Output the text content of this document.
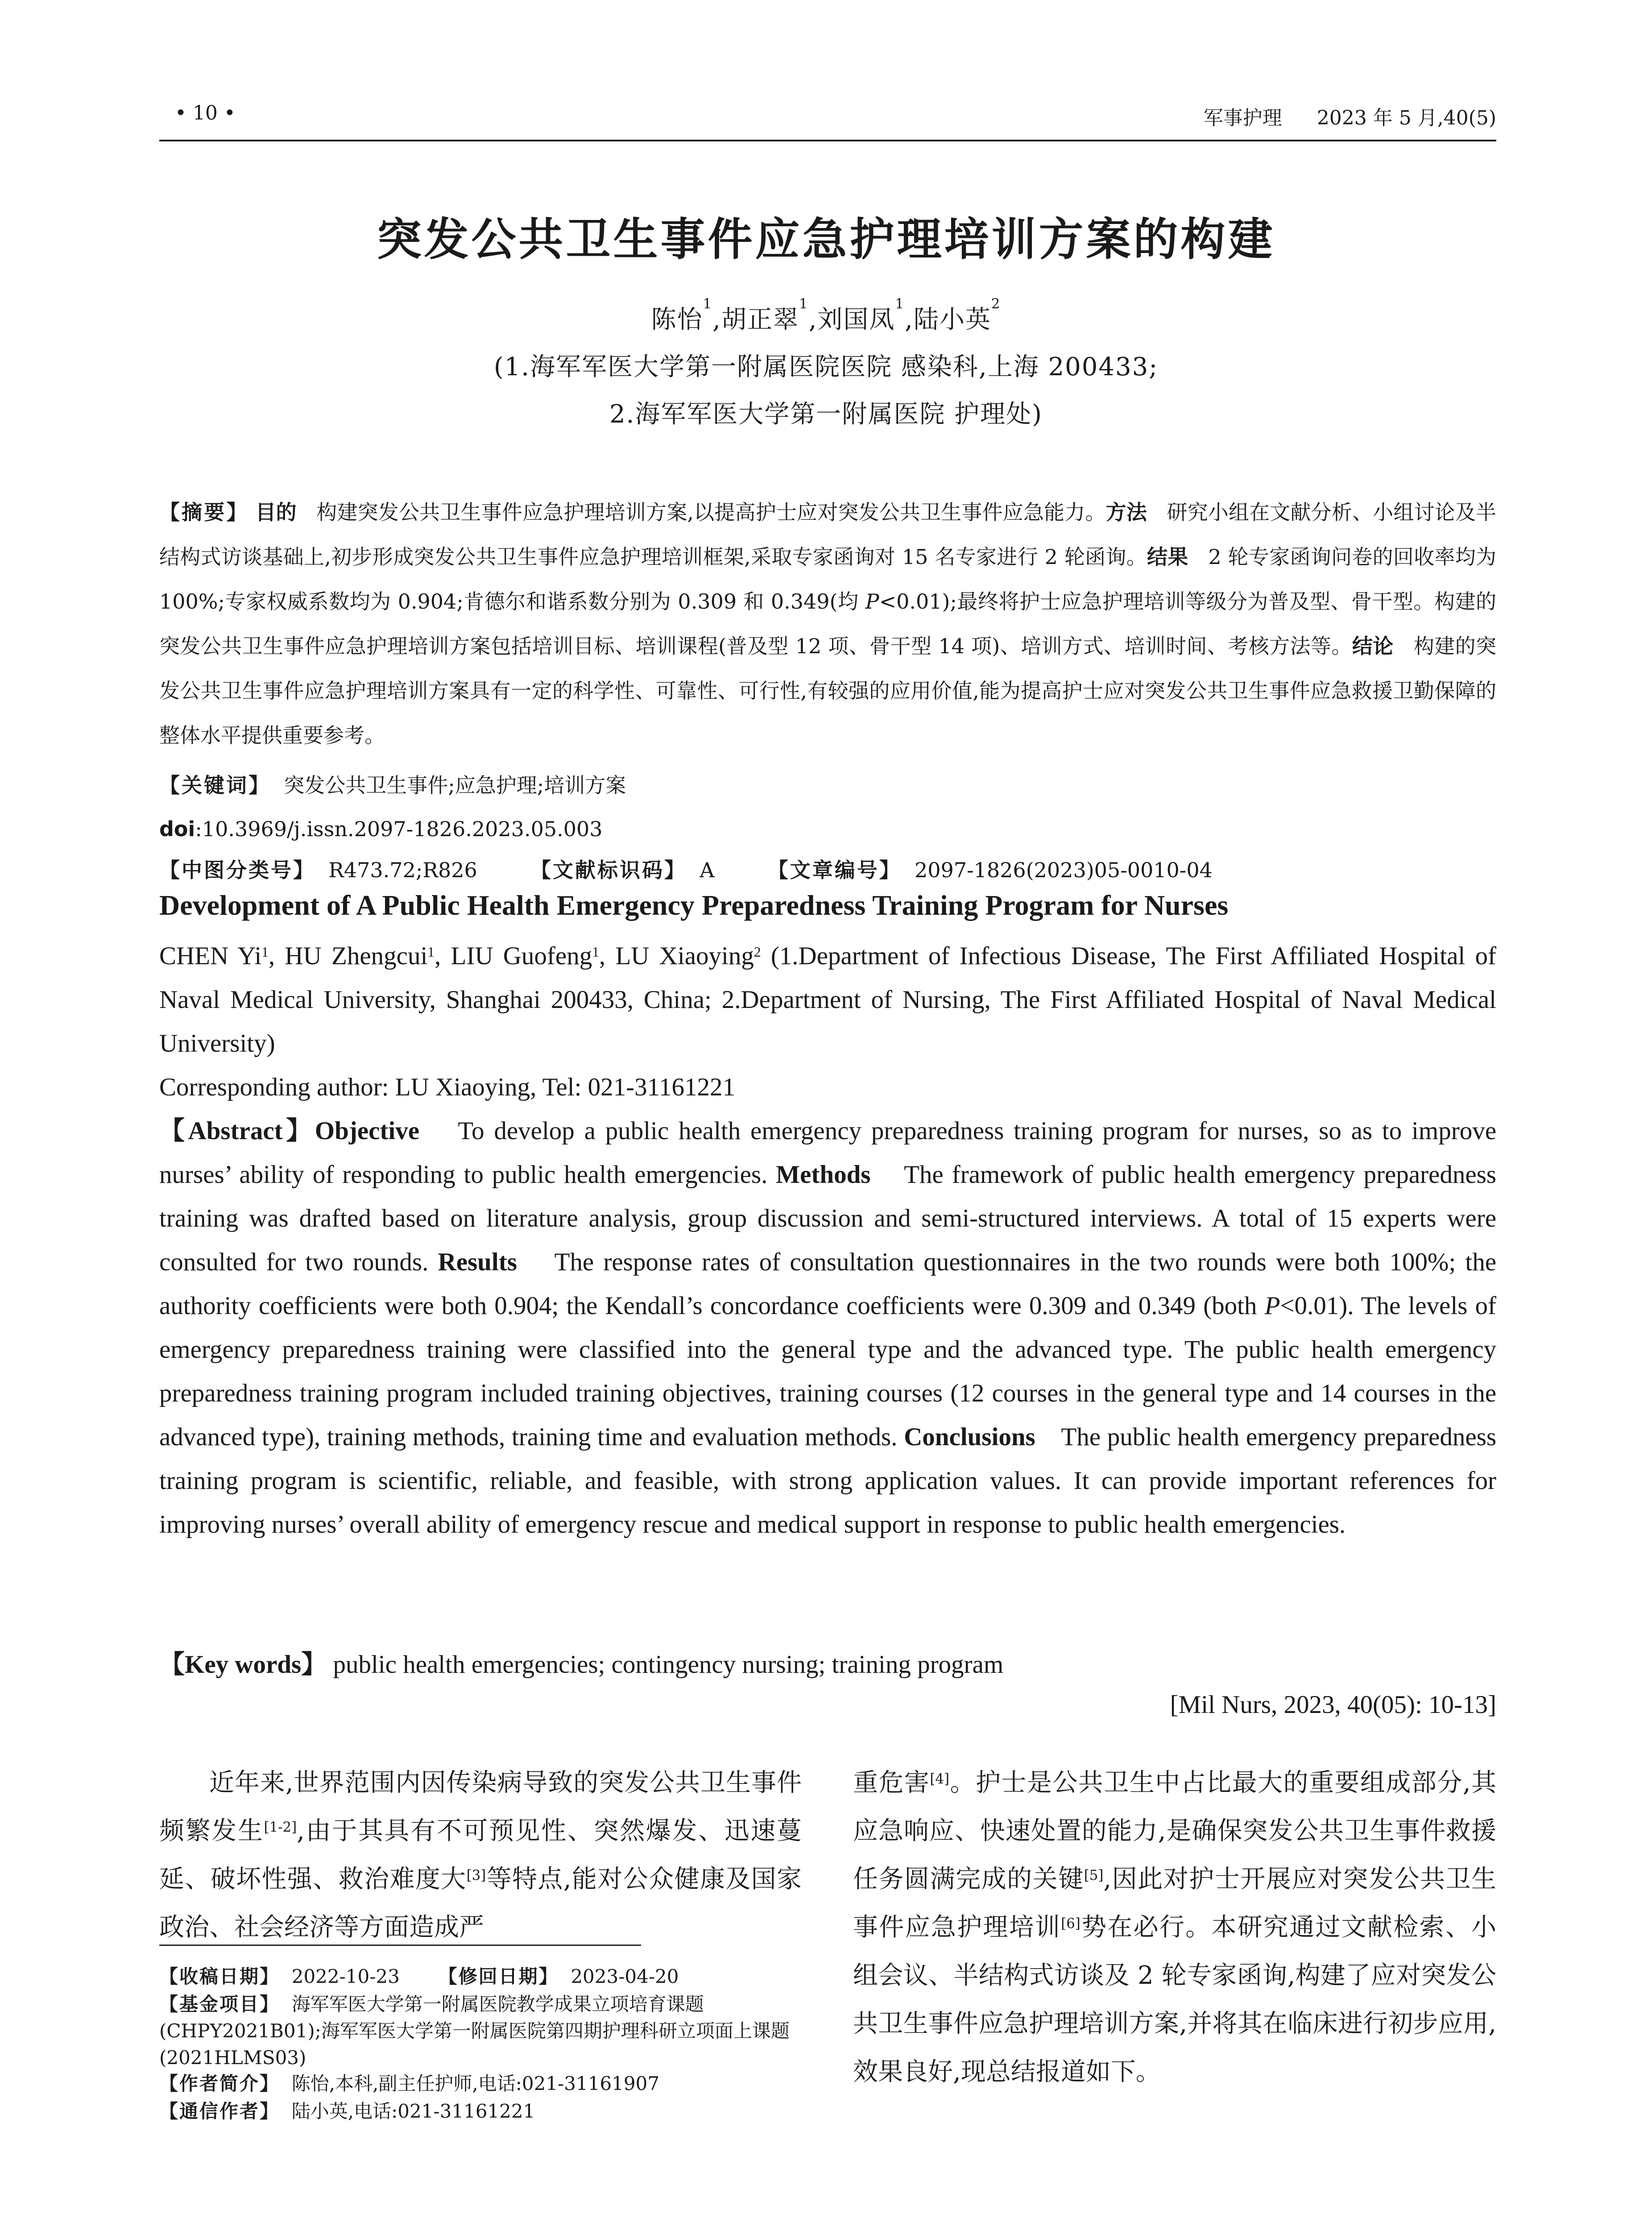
• 10 •	军事护理 2023 年 5 月,40(5)
突发公共卫生事件应急护理培训方案的构建
陈怡$^1$,胡正翠$^1$,刘国凤$^1$,陆小英$^2$
(1.海军军医大学第一附属医院医院 感染科,上海 200433;
2.海军军医大学第一附属医院 护理处)
【摘要】 目的 构建突发公共卫生事件应急护理培训方案,以提高护士应对突发公共卫生事件应急能力。方法 研究小组在文献分析、小组讨论及半结构式访谈基础上,初步形成突发公共卫生事件应急护理培训框架,采取专家函询对 15 名专家进行 2 轮函询。结果 2 轮专家函询问卷的回收率均为 100%;专家权威系数均为 0.904;肯德尔和谐系数分别为 0.309 和 0.349(均 P<0.01);最终将护士应急护理培训等级分为普及型、骨干型。构建的突发公共卫生事件应急护理培训方案包括培训目标、培训课程(普及型 12 项、骨干型 14 项)、培训方式、培训时间、考核方法等。结论 构建的突发公共卫生事件应急护理培训方案具有一定的科学性、可靠性、可行性,有较强的应用价值,能为提高护士应对突发公共卫生事件应急救援卫勤保障的整体水平提供重要参考。
【关键词】 突发公共卫生事件;应急护理;培训方案
doi:10.3969/j.issn.2097-1826.2023.05.003
【中图分类号】 R473.72;R826	【文献标识码】 A	【文章编号】 2097-1826(2023)05-0010-04
Development of A Public Health Emergency Preparedness Training Program for Nurses
CHEN Yi$^1$, HU Zhengcui$^1$, LIU Guofeng$^1$, LU Xiaoying$^2$ (1.Department of Infectious Disease, The First Affiliated Hospital of Naval Medical University, Shanghai 200433, China; 2.Department of Nursing, The First Affiliated Hospital of Naval Medical University)
Corresponding author: LU Xiaoying, Tel: 021-31161221
【Abstract】Objective To develop a public health emergency preparedness training program for nurses, so as to improve nurses’ ability of responding to public health emergencies. Methods The framework of public health emergency preparedness training was drafted based on literature analysis, group discussion and semi-structured interviews. A total of 15 experts were consulted for two rounds. Results The response rates of consultation questionnaires in the two rounds were both 100%; the authority coefficients were both 0.904; the Kendall’s concordance coefficients were 0.309 and 0.349 (both P<0.01). The levels of emergency preparedness training were classified into the general type and the advanced type. The public health emergency preparedness training program included training objectives, training courses (12 courses in the general type and 14 courses in the advanced type), training methods, training time and evaluation methods. Conclusions The public health emergency preparedness training program is scientific, reliable, and feasible, with strong application values. It can provide important references for improving nurses’ overall ability of emergency rescue and medical support in response to public health emergencies.
【Key words】 public health emergencies; contingency nursing; training program
[Mil Nurs, 2023, 40(05): 10-13]
近年来,世界范围内因传染病导致的突发公共卫生事件频繁发生[1-2],由于其具有不可预见性、突然爆发、迅速蔓延、破坏性强、救治难度大[3]等特点,能对公众健康及国家政治、社会经济等方面造成严
重危害[4]。护士是公共卫生中占比最大的重要组成部分,其应急响应、快速处置的能力,是确保突发公共卫生事件救援任务圆满完成的关键[5],因此对护士开展应对突发公共卫生事件应急护理培训[6]势在必行。本研究通过文献检索、小组会议、半结构式访谈及 2 轮专家函询,构建了应对突发公共卫生事件应急护理培训方案,并将其在临床进行初步应用,效果良好,现总结报道如下。
【收稿日期】 2022-10-23 【修回日期】 2023-04-20
【基金项目】 海军军医大学第一附属医院教学成果立项培育课题(CHPY2021B01);海军军医大学第一附属医院第四期护理科研立项面上课题(2021HLMS03)
【作者简介】 陈怡,本科,副主任护师,电话:021-31161907
【通信作者】 陆小英,电话:021-31161221
